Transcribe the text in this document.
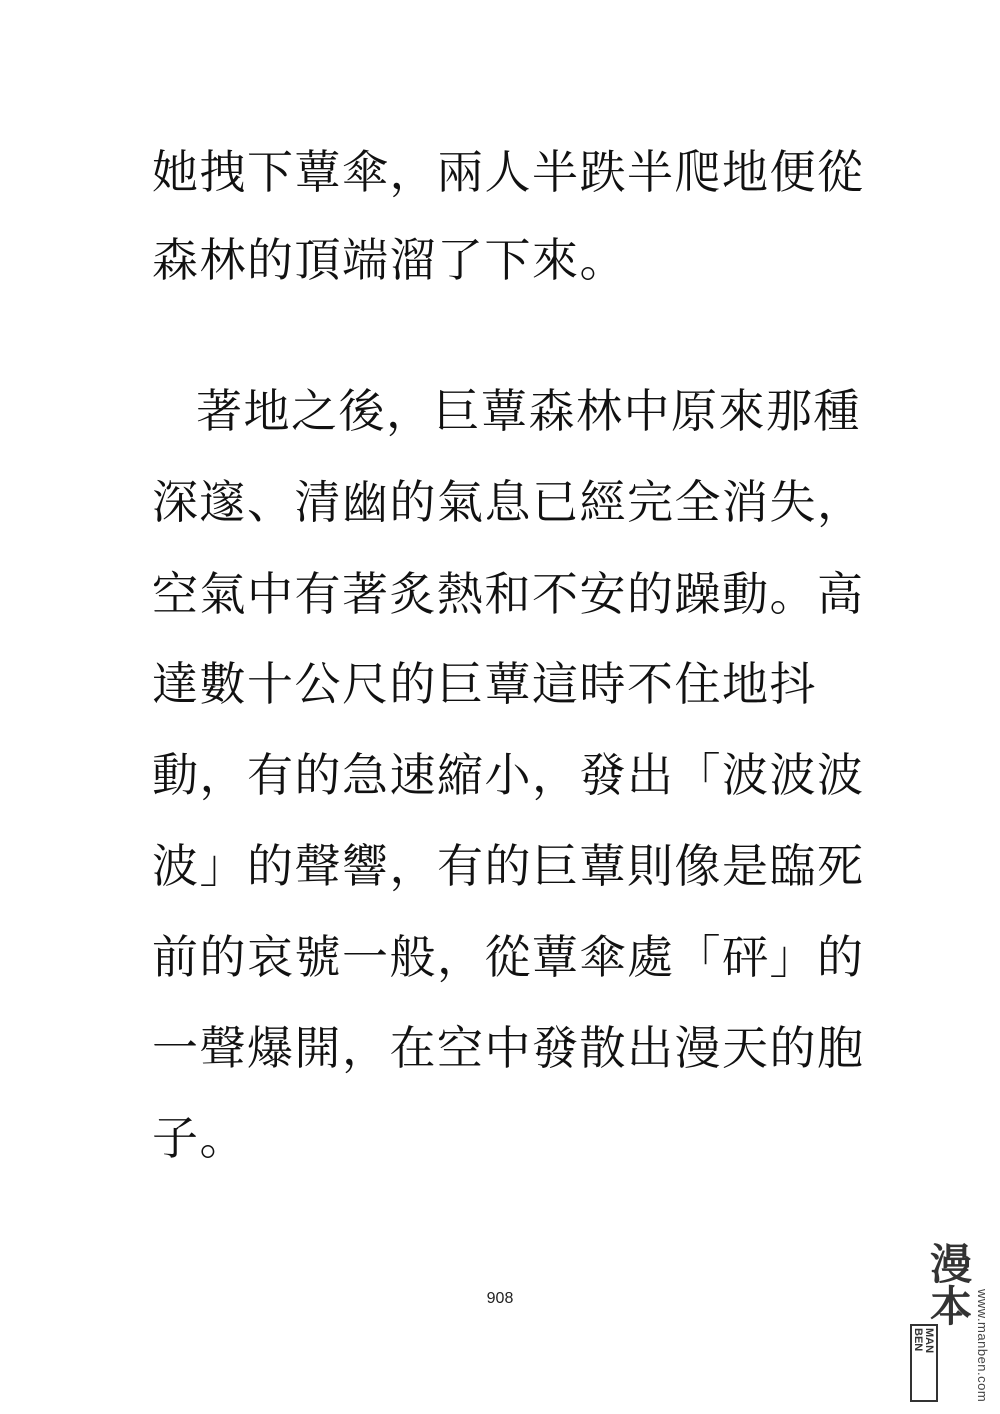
她拽下蕈傘，兩人半跌半爬地便從
森林的頂端溜了下來。
著地之後，巨蕈森林中原來那種
深邃、清幽的氣息已經完全消失，
空氣中有著炙熱和不安的躁動。高
達數十公尺的巨蕈這時不住地抖
動，有的急速縮小，發出「波波波
波」的聲響，有的巨蕈則像是臨死
前的哀號一般，從蕈傘處「砰」的
一聲爆開，在空中發散出漫天的胞
子。
908	漫本
www.manben.com
MAN
BEN
